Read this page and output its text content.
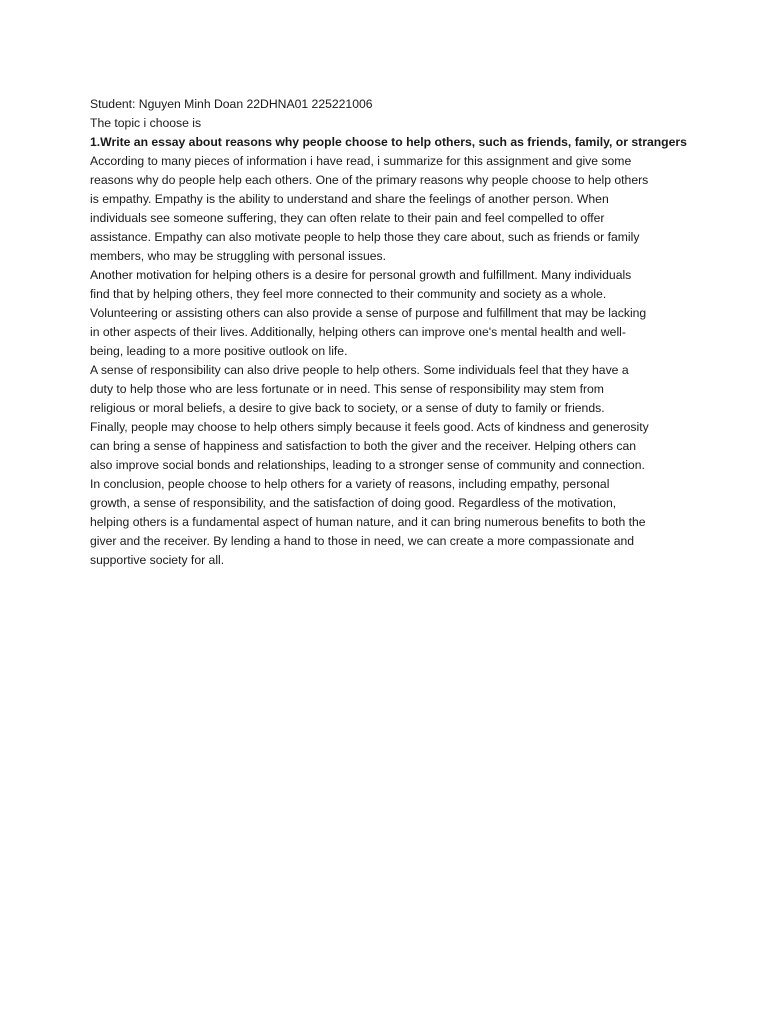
Student: Nguyen Minh Doan 22DHNA01 225221006

The topic i choose is

1.Write an essay about reasons why people choose to help others, such as friends, family, or strangers

According to many pieces of information i have read, i summarize for this assignment and give some
reasons why do people help each others. One of the primary reasons why people choose to help others
is empathy. Empathy is the ability to understand and share the feelings of another person. When
individuals see someone suffering, they can often relate to their pain and feel compelled to offer
assistance. Empathy can also motivate people to help those they care about, such as friends or family
members, who may be struggling with personal issues.

Another motivation for helping others is a desire for personal growth and fulfillment. Many individuals
find that by helping others, they feel more connected to their community and society as a whole.
Volunteering or assisting others can also provide a sense of purpose and fulfillment that may be lacking
in other aspects of their lives. Additionally, helping others can improve one's mental health and well-
being, leading to a more positive outlook on life.

A sense of responsibility can also drive people to help others. Some individuals feel that they have a
duty to help those who are less fortunate or in need. This sense of responsibility may stem from
religious or moral beliefs, a desire to give back to society, or a sense of duty to family or friends.

Finally, people may choose to help others simply because it feels good. Acts of kindness and generosity
can bring a sense of happiness and satisfaction to both the giver and the receiver. Helping others can
also improve social bonds and relationships, leading to a stronger sense of community and connection.

In conclusion, people choose to help others for a variety of reasons, including empathy, personal
growth, a sense of responsibility, and the satisfaction of doing good. Regardless of the motivation,
helping others is a fundamental aspect of human nature, and it can bring numerous benefits to both the
giver and the receiver. By lending a hand to those in need, we can create a more compassionate and
supportive society for all.
